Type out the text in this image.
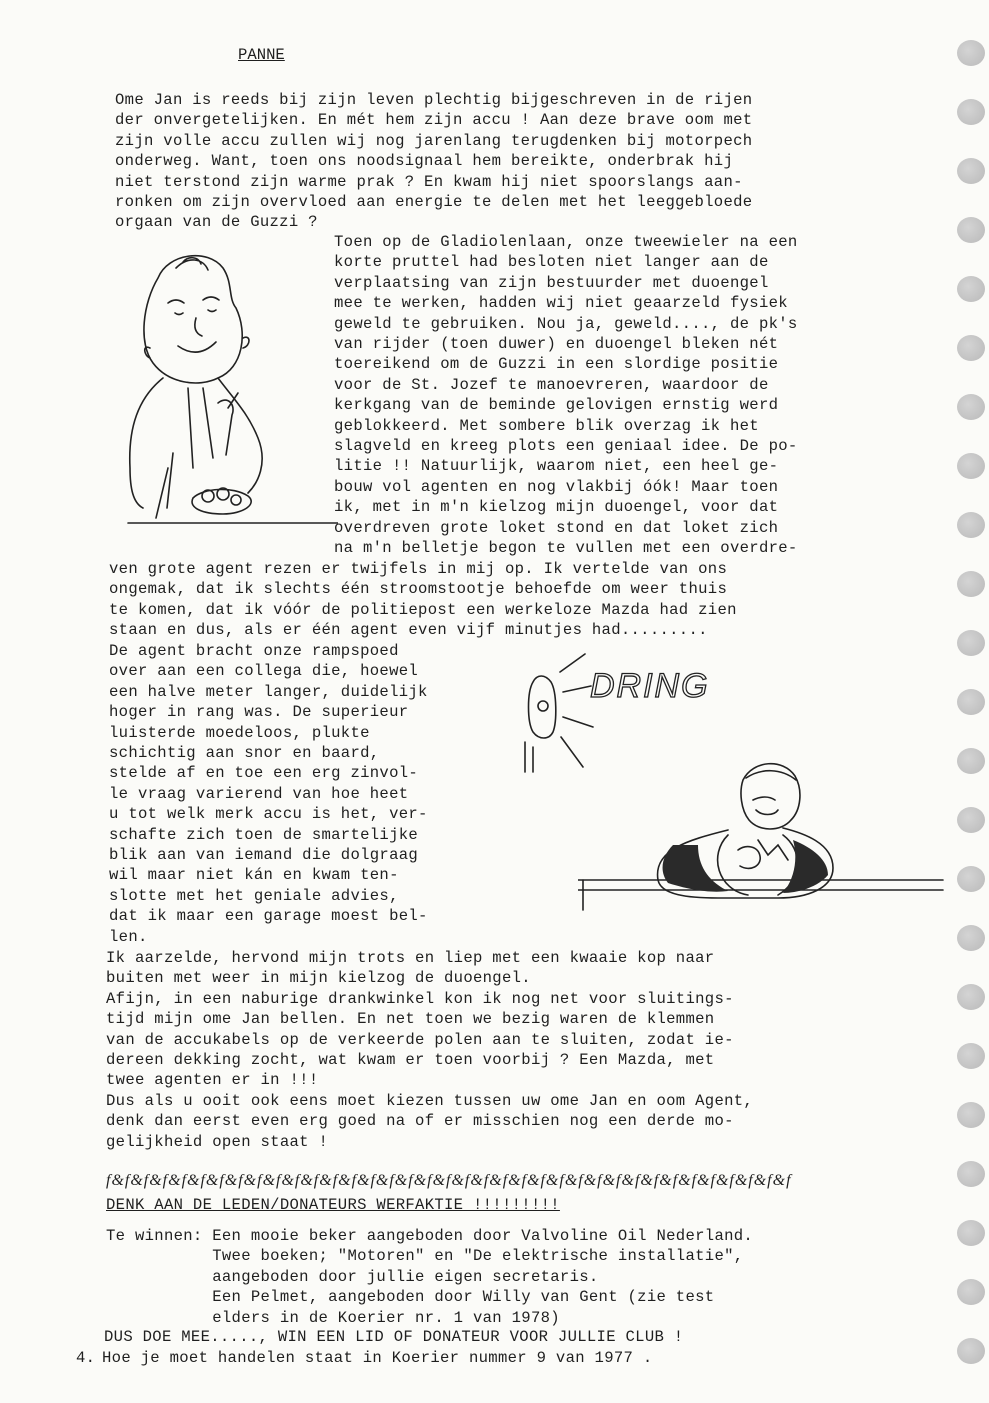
PANNE
Ome Jan is reeds bij zijn leven plechtig bijgeschreven in de rijen
der onvergetelijken. En mét hem zijn accu ! Aan deze brave oom met
zijn volle accu zullen wij nog jarenlang terugdenken bij motorpech
onderweg. Want, toen ons noodsignaal hem bereikte, onderbrak hij
niet terstond zijn warme prak ? En kwam hij niet spoorslangs aan-
ronken om zijn overvloed aan energie te delen met het leeggebloede
orgaan van de Guzzi ?
Toen op de Gladiolenlaan, onze tweewieler na een
korte pruttel had besloten niet langer aan de
verplaatsing van zijn bestuurder met duoengel
mee te werken, hadden wij niet geaarzeld fysiek
geweld te gebruiken. Nou ja, geweld...., de pk's
van rijder (toen duwer) en duoengel bleken nét
toereikend om de Guzzi in een slordige positie
voor de St. Jozef te manoevreren, waardoor de
kerkgang van de beminde gelovigen ernstig werd
geblokkeerd. Met sombere blik overzag ik het
slagveld en kreeg plots een geniaal idee. De po-
litie !! Natuurlijk, waarom niet, een heel ge-
bouw vol agenten en nog vlakbij óók! Maar toen
ik, met in m'n kielzog mijn duoengel, voor dat
overdreven grote loket stond en dat loket zich
na m'n belletje begon te vullen met een overdre-
ven grote agent rezen er twijfels in mij op. Ik vertelde van ons
ongemak, dat ik slechts één stroomstootje behoefde om weer thuis
te komen, dat ik vóór de politiepost een werkeloze Mazda had zien
staan en dus, als er één agent even vijf minutjes had.........
De agent bracht onze rampspoed
over aan een collega die, hoewel
een halve meter langer, duidelijk
hoger in rang was. De superieur
luisterde moedeloos, plukte
schichtig aan snor en baard,
stelde af en toe een erg zinvol-
le vraag varierend van hoe heet
u tot welk merk accu is het, ver-
schafte zich toen de smartelijke
blik aan van iemand die dolgraag
wil maar niet kán en kwam ten-
slotte met het geniale advies,
dat ik maar een garage moest bel-
len.
Ik aarzelde, hervond mijn trots en liep met een kwaaie kop naar
buiten met weer in mijn kielzog de duoengel.
Afijn, in een naburige drankwinkel kon ik nog net voor sluitings-
tijd mijn ome Jan bellen. En net toen we bezig waren de klemmen
van de accukabels op de verkeerde polen aan te sluiten, zodat ie-
dereen dekking zocht, wat kwam er toen voorbij ? Een Mazda, met
twee agenten er in !!!
Dus als u ooit ook eens moet kiezen tussen uw ome Jan en oom Agent,
denk dan eerst even erg goed na of er misschien nog een derde mo-
gelijkheid open staat !
f&f&f&f&f&f&f&f&f&f&f&f&f&f&f&f&f&f&f&f&f&f&f&f&f&f&f&f&f&f&f&f&f&f&f&f&f
DENK AAN DE LEDEN/DONATEURS WERFAKTIE !!!!!!!!!
Te winnen: Een mooie beker aangeboden door Valvoline Oil Nederland.
Twee boeken; "Motoren" en "De elektrische installatie",
aangeboden door jullie eigen secretaris.
Een Pelmet, aangeboden door Willy van Gent (zie test
elders in de Koerier nr. 1 van 1978)
DUS DOE MEE....., WIN EEN LID OF DONATEUR VOOR JULLIE CLUB !
4. Hoe je moet handelen staat in Koerier nummer 9 van 1977 .
DRING
